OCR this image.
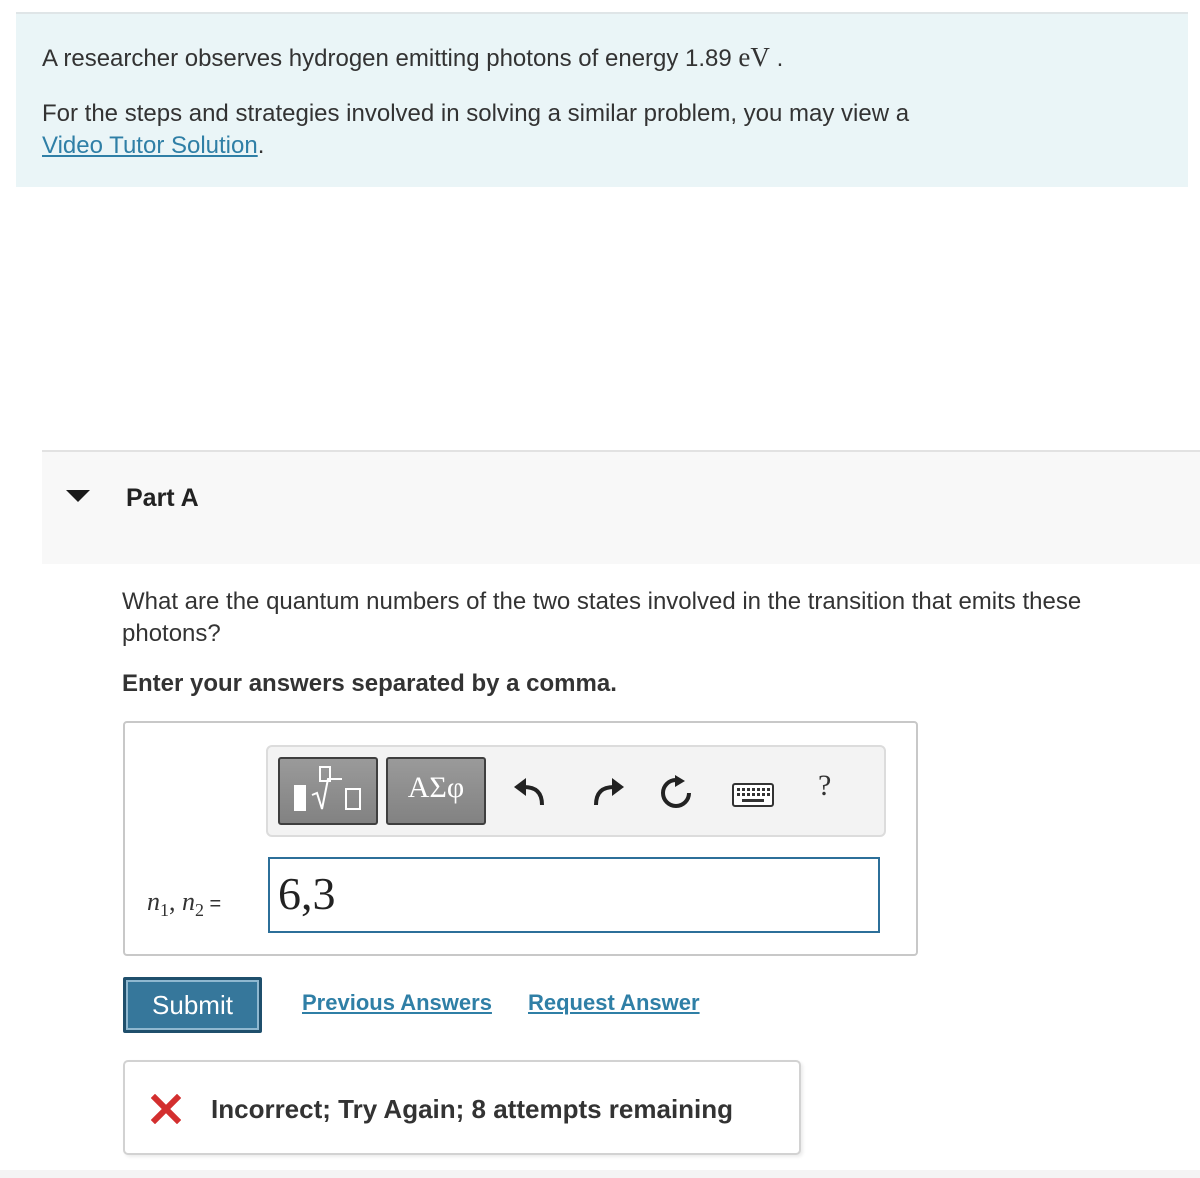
A researcher observes hydrogen emitting photons of energy 1.89 eV .
For the steps and strategies involved in solving a similar problem, you may view a
Video Tutor Solution.
Part A
What are the quantum numbers of the two states involved in the transition that emits these photons?
Enter your answers separated by a comma.
ΑΣφ	?
$n_1$, $n_2 = 6,3$
Submit	Previous Answers Request Answer
Incorrect; Try Again; 8 attempts remaining
